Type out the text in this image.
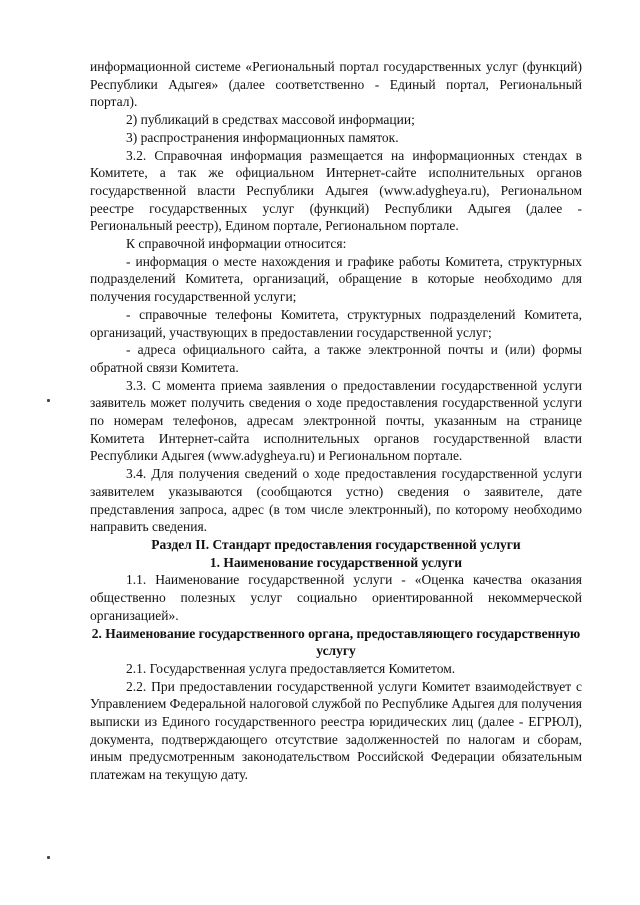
информационной системе «Региональный портал государственных услуг (функций) Республики Адыгея» (далее соответственно - Единый портал, Региональный портал).

2) публикаций в средствах массовой информации;

3) распространения информационных памяток.

3.2. Справочная информация размещается на информационных стендах в Комитете, а так же официальном Интернет-сайте исполнительных органов государственной власти Республики Адыгея (www.adygheya.ru), Региональном реестре государственных услуг (функций) Республики Адыгея (далее - Региональный реестр), Едином портале, Региональном портале.

К справочной информации относится:

- информация о месте нахождения и графике работы Комитета, структурных подразделений Комитета, организаций, обращение в которые необходимо для получения государственной услуги;

- справочные телефоны Комитета, структурных подразделений Комитета, организаций, участвующих в предоставлении государственной услуг;

- адреса официального сайта, а также электронной почты и (или) формы обратной связи Комитета.

3.3. С момента приема заявления о предоставлении государственной услуги заявитель может получить сведения о ходе предоставления государственной услуги по номерам телефонов, адресам электронной почты, указанным на странице Комитета Интернет-сайта исполнительных органов государственной власти Республики Адыгея (www.adygheya.ru) и Региональном портале.

3.4. Для получения сведений о ходе предоставления государственной услуги заявителем указываются (сообщаются устно) сведения о заявителе, дате представления запроса, адрес (в том числе электронный), по которому необходимо направить сведения.

Раздел II. Стандарт предоставления государственной услуги

1. Наименование государственной услуги

1.1. Наименование государственной услуги - «Оценка качества оказания общественно полезных услуг социально ориентированной некоммерческой организацией».

2. Наименование государственного органа, предоставляющего государственную услугу

2.1. Государственная услуга предоставляется Комитетом.

2.2. При предоставлении государственной услуги Комитет взаимодействует с Управлением Федеральной налоговой службой по Республике Адыгея для получения выписки из Единого государственного реестра юридических лиц (далее - ЕГРЮЛ), документа, подтверждающего отсутствие задолженностей по налогам и сборам, иным предусмотренным законодательством Российской Федерации обязательным платежам на текущую дату.
